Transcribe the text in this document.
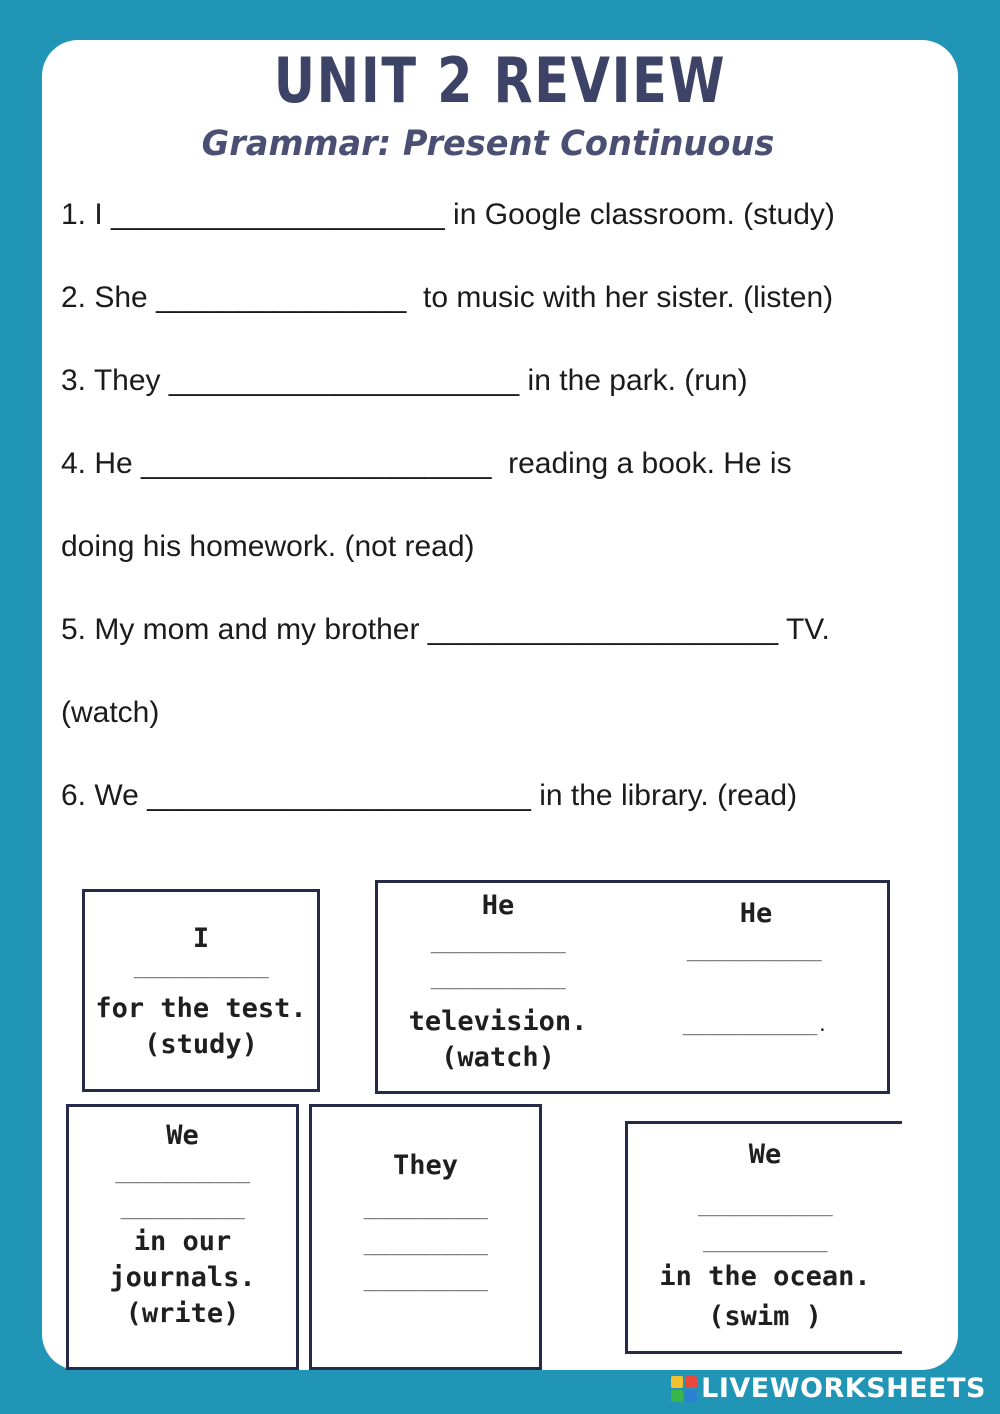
UNIT 2 REVIEW
Grammar: Present Continuous
1. I ____________________ in Google classroom. (study)
2. She _______________  to music with her sister. (listen)
3. They _____________________ in the park. (run)
4. He _____________________  reading a book. He is
doing his homework. (not read)
5. My mom and my brother _____________________ TV.
(watch)
6. We _______________________ in the library. (read)
I
_____________
for the test.
(study)
He
_____________
_____________
television.
(watch)
He
_____________
_____________.
We
_____________
____________
in our
journals.
(write)
They
____________
____________
____________
We
_____________
____________
in the ocean.
(swim )
LIVEWORKSHEETS
